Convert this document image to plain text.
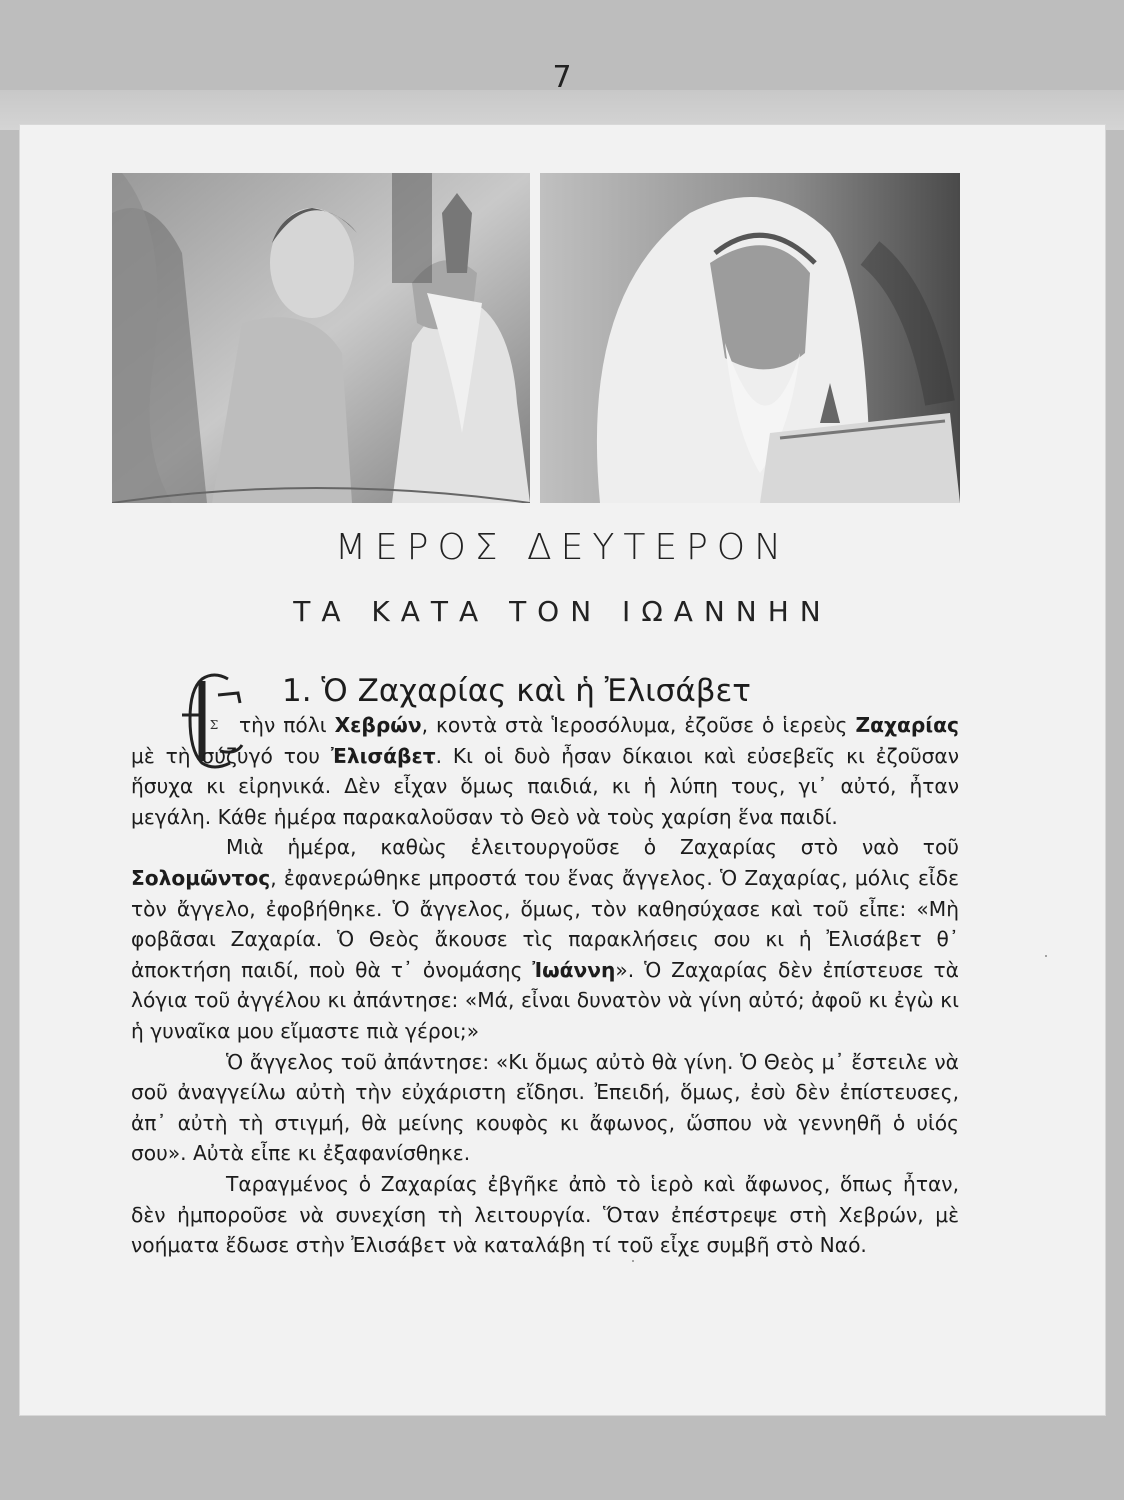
7
ΜΕΡΟΣ ΔΕΥΤΕΡΟΝ
ΤΑ ΚΑΤΑ ΤΟΝ ΙΩΑΝΝΗΝ
Σ
1. Ὁ Ζαχαρίας καὶ ἡ Ἐλισάβετ

τὴν πόλι Χεβρών, κοντὰ στὰ Ἱεροσόλυμα, ἐζοῦσε ὁ ἱερεὺς Ζαχαρίας μὲ τὴ σύζυγό του Ἐλισάβετ. Κι οἱ δυὸ ἦσαν δίκαιοι καὶ εὐσεβεῖς κι ἐζοῦσαν ἥσυχα κι εἰρηνικά. Δὲν εἶχαν ὅμως παιδιά, κι ἡ λύπη τους, γι᾽ αὐτό, ἦταν μεγάλη. Κάθε ἡμέρα παρακαλοῦσαν τὸ Θεὸ νὰ τοὺς χαρίση ἕνα παιδί.

Μιὰ ἡμέρα, καθὼς ἐλειτουργοῦσε ὁ Ζαχαρίας στὸ ναὸ τοῦ Σολομῶντος, ἐφανερώθηκε μπροστά του ἕνας ἄγγελος. Ὁ Ζαχαρίας, μόλις εἶδε τὸν ἄγγελο, ἐφοβήθηκε. Ὁ ἄγγελος, ὅμως, τὸν καθησύχασε καὶ τοῦ εἶπε: «Μὴ φοβᾶσαι Ζαχαρία. Ὁ Θεὸς ἄκουσε τὶς παρακλήσεις σου κι ἡ Ἐλισάβετ θ᾽ ἀποκτήση παιδί, ποὺ θὰ τ᾽ ὀνομάσης Ἰωάννη». Ὁ Ζαχαρίας δὲν ἐπίστευσε τὰ λόγια τοῦ ἀγγέλου κι ἀπάντησε: «Μά, εἶναι δυνατὸν νὰ γίνη αὐτό; ἀφοῦ κι ἐγὼ κι ἡ γυναῖκα μου εἴμαστε πιὰ γέροι;»

Ὁ ἄγγελος τοῦ ἀπάντησε: «Κι ὅμως αὐτὸ θὰ γίνη. Ὁ Θεὸς μ᾽ ἔστειλε νὰ σοῦ ἀναγγείλω αὐτὴ τὴν εὐχάριστη εἴδησι. Ἐπειδή, ὅμως, ἐσὺ δὲν ἐπίστευσες, ἀπ᾽ αὐτὴ τὴ στιγμή, θὰ μείνης κουφὸς κι ἄφωνος, ὥσπου νὰ γεννηθῆ ὁ υἱός σου». Αὐτὰ εἶπε κι ἐξαφανίσθηκε.

Ταραγμένος ὁ Ζαχαρίας ἐβγῆκε ἀπὸ τὸ ἱερὸ καὶ ἄφωνος, ὅπως ἦταν, δὲν ἠμποροῦσε νὰ συνεχίση τὴ λειτουργία. Ὅταν ἐπέστρεψε στὴ Χεβρών, μὲ νοήματα ἔδωσε στὴν Ἐλισάβετ νὰ καταλάβη τί τοῦ εἶχε συμβῆ στὸ Ναό.
